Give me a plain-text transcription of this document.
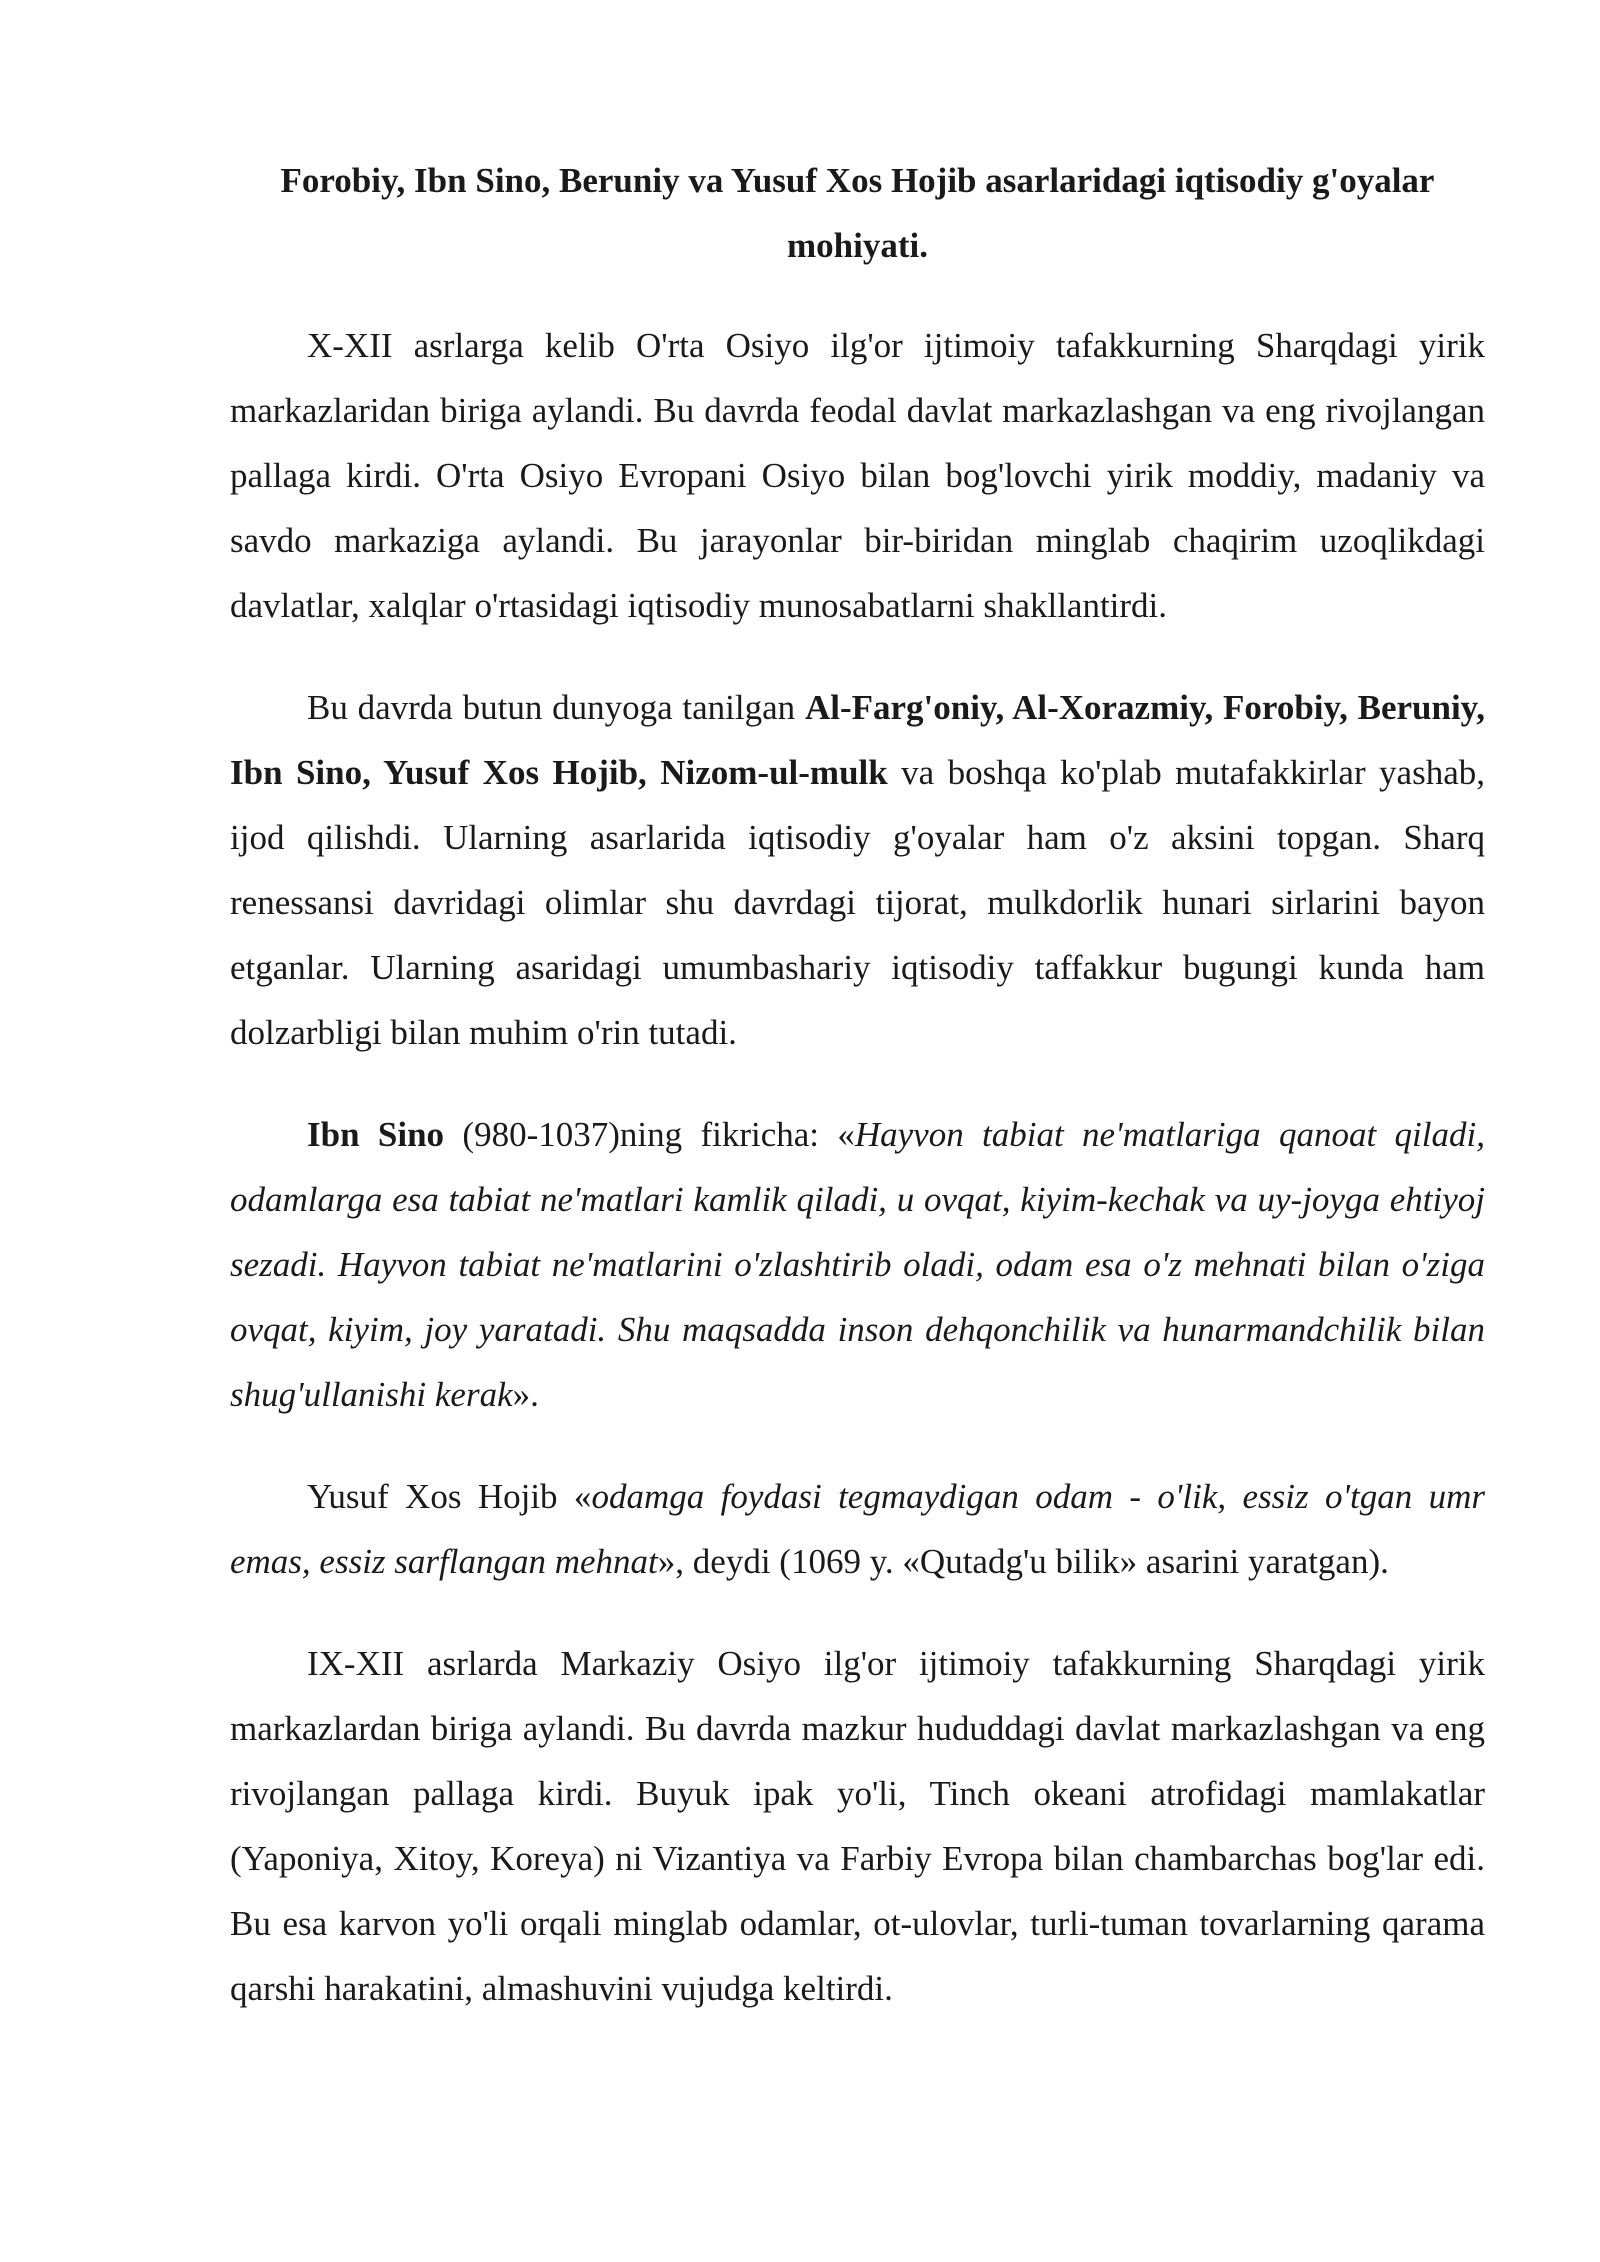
Forobiy, Ibn Sino, Beruniy va Yusuf Xos Hojib asarlaridagi iqtisodiy g'oyalar mohiyati.

X-XII asrlarga kelib O'rta Osiyo ilg'or ijtimoiy tafakkurning Sharqdagi yirik markazlaridan biriga aylandi. Bu davrda feodal davlat markazlashgan va eng rivojlangan pallaga kirdi. O'rta Osiyo Evropani Osiyo bilan bog'lovchi yirik moddiy, madaniy va savdo markaziga aylandi. Bu jarayonlar bir-biridan minglab chaqirim uzoqlikdagi davlatlar, xalqlar o'rtasidagi iqtisodiy munosabatlarni shakllantirdi.

Bu davrda butun dunyoga tanilgan Al-Farg'oniy, Al-Xorazmiy, Forobiy, Beruniy, Ibn Sino, Yusuf Xos Hojib, Nizom-ul-mulk va boshqa ko'plab mutafakkirlar yashab, ijod qilishdi. Ularning asarlarida iqtisodiy g'oyalar ham o'z aksini topgan. Sharq renessansi davridagi olimlar shu davrdagi tijorat, mulkdorlik hunari sirlarini bayon etganlar. Ularning asaridagi umumbashariy iqtisodiy taffakkur bugungi kunda ham dolzarbligi bilan muhim o'rin tutadi.

Ibn Sino (980-1037)ning fikricha: «Hayvon tabiat ne'matlariga qanoat qiladi, odamlarga esa tabiat ne'matlari kamlik qiladi, u ovqat, kiyim-kechak va uy-joyga ehtiyoj sezadi. Hayvon tabiat ne'matlarini o'zlashtirib oladi, odam esa o'z mehnati bilan o'ziga ovqat, kiyim, joy yaratadi. Shu maqsadda inson dehqonchilik va hunarmandchilik bilan shug'ullanishi kerak».

Yusuf Xos Hojib «odamga foydasi tegmaydigan odam - o'lik, essiz o'tgan umr emas, essiz sarflangan mehnat», deydi (1069 y. «Qutadg'u bilik» asarini yaratgan).

IX-XII asrlarda Markaziy Osiyo ilg'or ijtimoiy tafakkurning Sharqdagi yirik markazlardan biriga aylandi. Bu davrda mazkur hududdagi davlat markazlashgan va eng rivojlangan pallaga kirdi. Buyuk ipak yo'li, Tinch okeani atrofidagi mamlakatlar (Yaponiya, Xitoy, Koreya) ni Vizantiya va Farbiy Evropa bilan chambarchas bog'lar edi. Bu esa karvon yo'li orqali minglab odamlar, ot-ulovlar, turli-tuman tovarlarning qarama qarshi harakatini, almashuvini vujudga keltirdi.
